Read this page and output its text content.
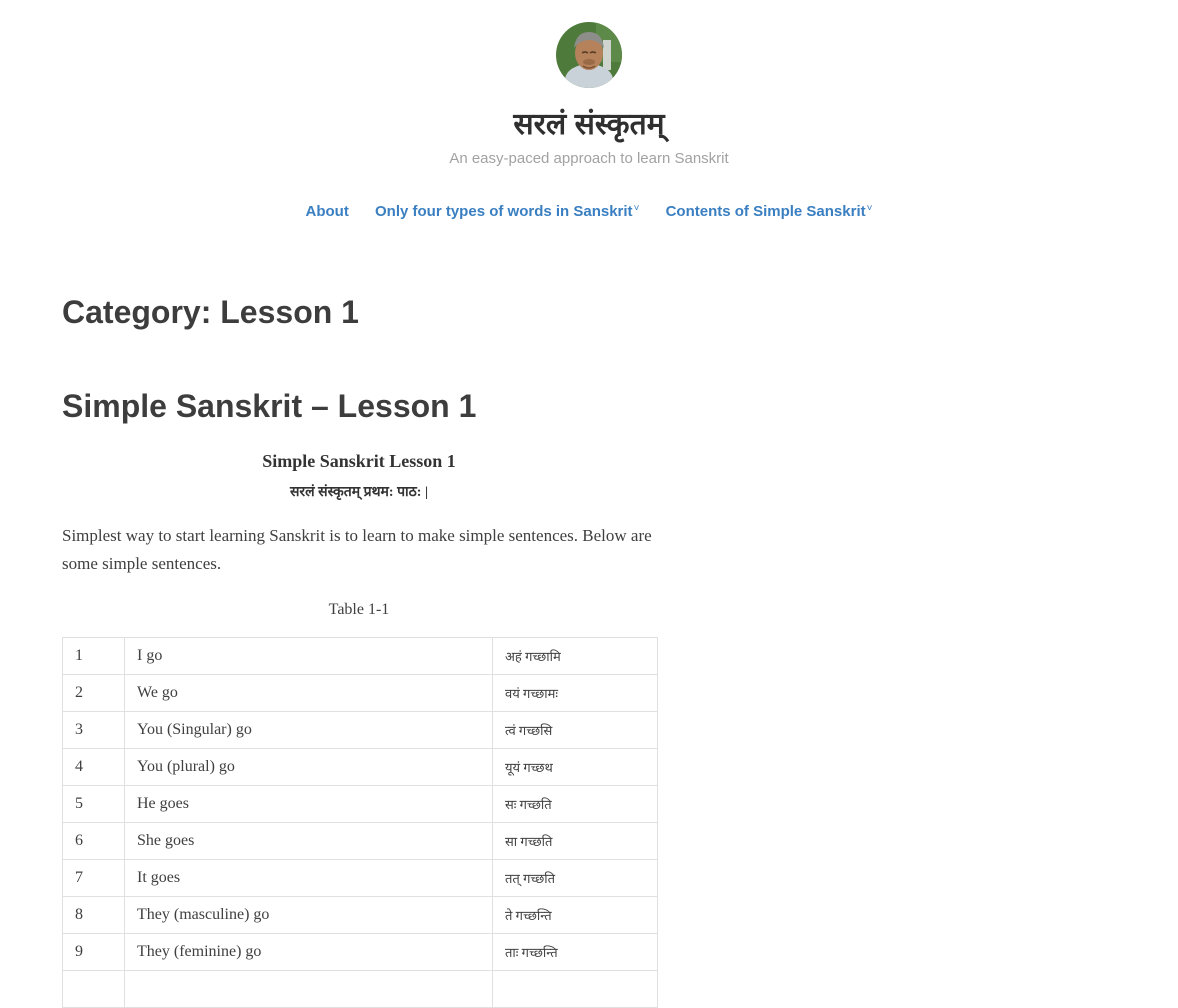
सरलं संस्कृतम्

An easy-paced approach to learn Sanskrit

About Only four types of words in Sanskrit˅ Contents of Simple Sanskrit˅
Category: Lesson 1
Simple Sanskrit – Lesson 1

Simple Sanskrit Lesson 1

सरलं संस्कृतम् प्रथम: पाठ: |

Simplest way to start learning Sanskrit is to learn to make simple sentences. Below are some simple sentences.

Table 1-1

1	I go	अहं गच्छामि
2	We go	वयं गच्छामः
3	You (Singular) go	त्वं गच्छसि
4	You (plural) go	यूयं गच्छथ
5	He goes	सः गच्छति
6	She goes	सा गच्छति
7	It goes	तत् गच्छति
8	They (masculine) go	ते गच्छन्ति
9	They (feminine) go	ताः गच्छन्ति
